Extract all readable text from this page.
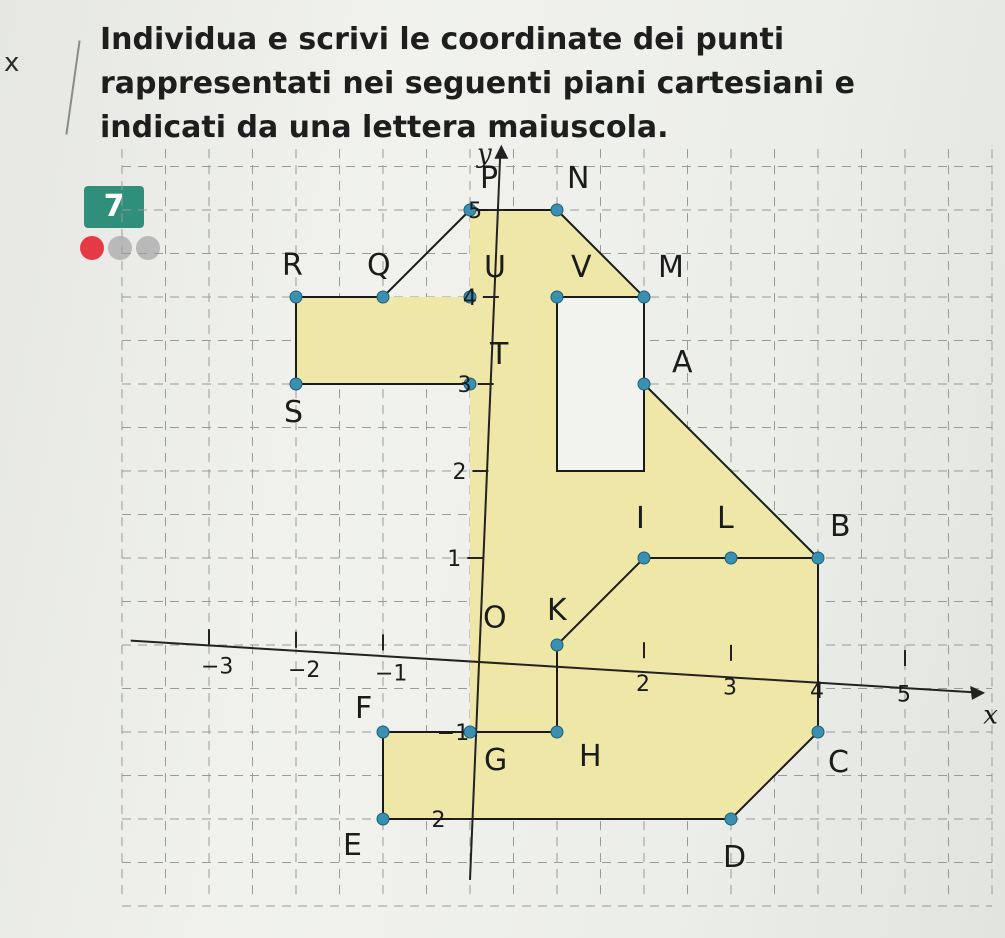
x

Individua e scrivi le coordinate dei punti rappresentati nei seguenti piani cartesiani e indicati da una lettera maiuscola.

7
x
y
−3 −2 −1	2	3	4	5
1
2
3
4
5
−1
2
O
P N
U V M
R Q
S
T	A
I L	B
K
F
G H	C
E	D
